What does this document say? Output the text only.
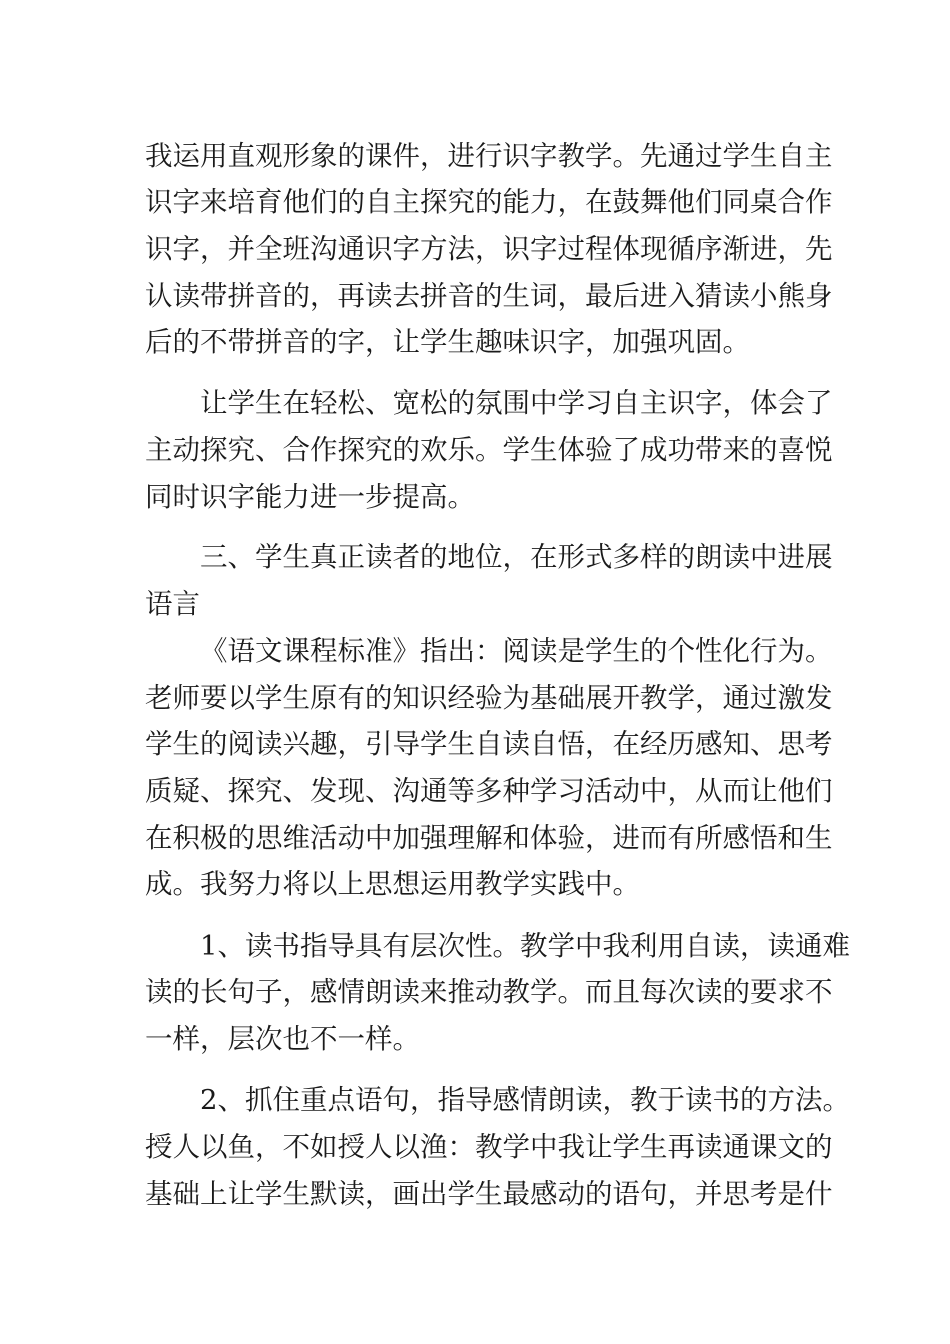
我运用直观形象的课件，进行识字教学。先通过学生自主
识字来培育他们的自主探究的能力，在鼓舞他们同桌合作
识字，并全班沟通识字方法，识字过程体现循序渐进，先
认读带拼音的，再读去拼音的生词，最后进入猜读小熊身
后的不带拼音的字，让学生趣味识字，加强巩固。
让学生在轻松、宽松的氛围中学习自主识字，体会了
主动探究、合作探究的欢乐。学生体验了成功带来的喜悦
同时识字能力进一步提高。
三、学生真正读者的地位，在形式多样的朗读中进展
语言
《语文课程标准》指出：阅读是学生的个性化行为。
老师要以学生原有的知识经验为基础展开教学，通过激发
学生的阅读兴趣，引导学生自读自悟，在经历感知、思考
质疑、探究、发现、沟通等多种学习活动中，从而让他们
在积极的思维活动中加强理解和体验，进而有所感悟和生
成。我努力将以上思想运用教学实践中。
1、读书指导具有层次性。教学中我利用自读，读通难
读的长句子，感情朗读来推动教学。而且每次读的要求不
一样，层次也不一样。
2、抓住重点语句，指导感情朗读，教于读书的方法。
授人以鱼，不如授人以渔：教学中我让学生再读通课文的
基础上让学生默读，画出学生最感动的语句，并思考是什
